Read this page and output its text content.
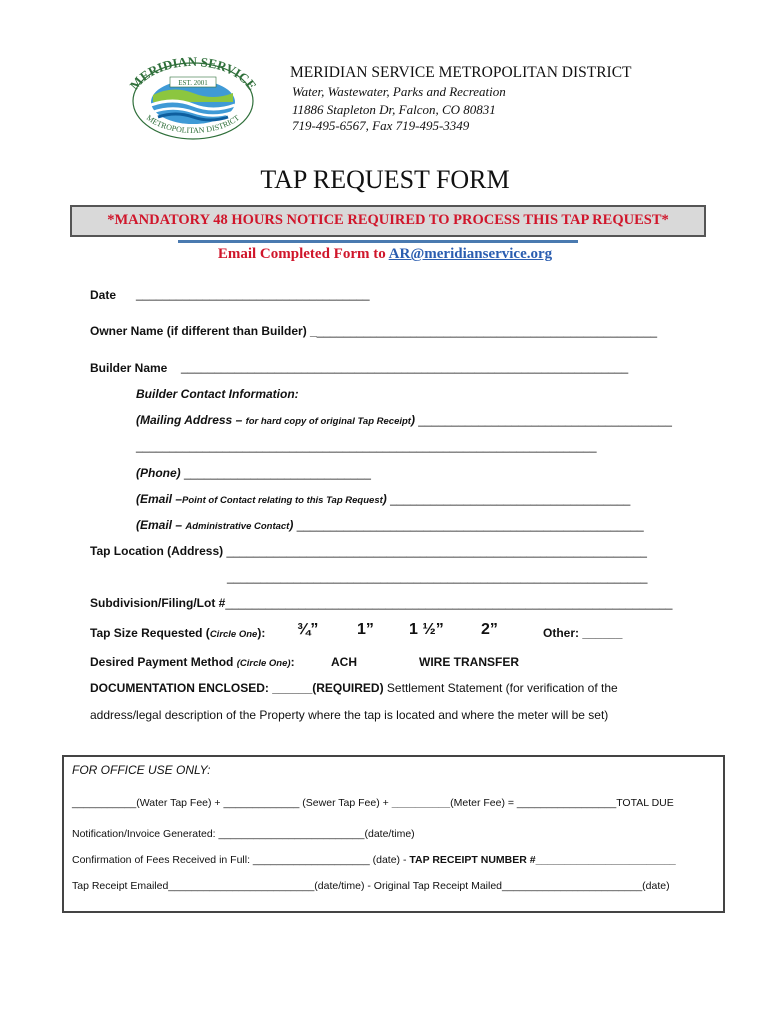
EST. 2001
MERIDIAN SERVICE
METROPOLITAN DISTRICT
MERIDIAN SERVICE METROPOLITAN DISTRICT
Water, Wastewater, Parks and Recreation
11886 Stapleton Dr, Falcon, CO 80831
719-495-6567, Fax 719-495-3349
TAP REQUEST FORM
*MANDATORY 48 HOURS NOTICE REQUIRED TO PROCESS THIS TAP REQUEST*
Email Completed Form to AR@meridianservice.org
Date ___________________________________
Owner Name (if different than Builder) ____________________________________________________
Builder Name ___________________________________________________________________
Builder Contact Information:
(Mailing Address – for hard copy of original Tap Receipt) ______________________________________
_____________________________________________________________________
(Phone) ____________________________
(Email –Point of Contact relating to this Tap Request) ____________________________________
(Email – Administrative Contact) ____________________________________________________
Tap Location (Address) _______________________________________________________________
_______________________________________________________________
Subdivision/Filing/Lot #___________________________________________________________________
Tap Size Requested (Circle One): ¾” 1” 1 ½” 2”	Other: ______
Desired Payment Method (Circle One):	ACH	WIRE TRANSFER
DOCUMENTATION ENCLOSED: ______(REQUIRED) Settlement Statement (for verification of the
address/legal description of the Property where the tap is located and where the meter will be set)
FOR OFFICE USE ONLY:
___________(Water Tap Fee) + _____________ (Sewer Tap Fee) + __________(Meter Fee) = _________________TOTAL DUE
Notification/Invoice Generated: _________________________(date/time)
Confirmation of Fees Received in Full: ____________________ (date) - TAP RECEIPT NUMBER #________________________
Tap Receipt Emailed_________________________(date/time) - Original Tap Receipt Mailed________________________(date)
